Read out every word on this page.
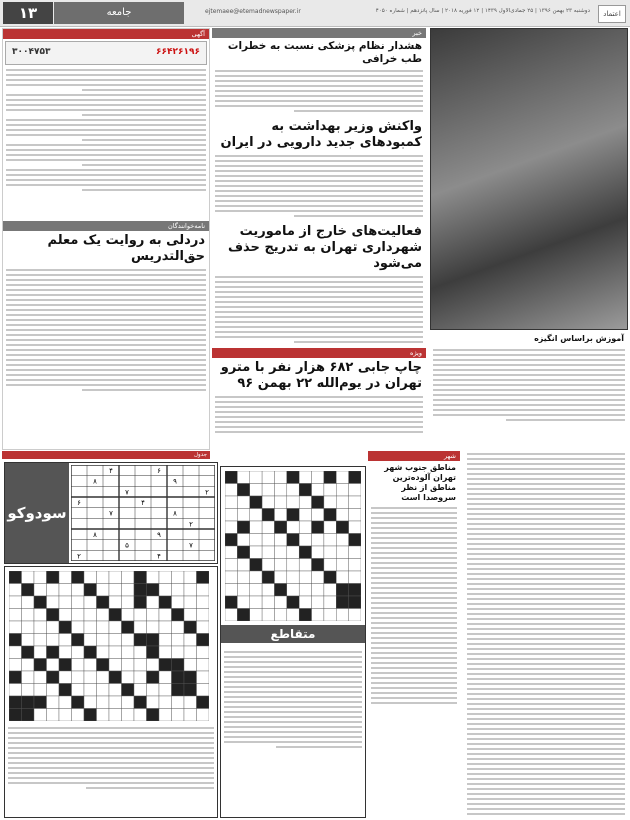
١٣	جامعه	ejtemaee@etemadnewspaper.ir	دوشنبه ۲۳ بهمن ۱۳۹۶ | ۲۵ جمادی‌الاول ۱۴۳۹ | ۱۲ فوریه ۲۰۱۸ | سال پانزدهم | شماره ۴۰۵۰	اعتماد
آگهی
۶۶۴۲۶۱۹۶
۳۰۰۴۷۵۳
نامه‌خوانندگان
دردلی به روایت یک معلم حق‌التدریس
خبر
هشدار نظام پزشکی نسبت به خطرات طب خرافی
واکنش وزیر بهداشت به کمبودهای جدید دارویی در ایران
فعالیت‌های خارج از ماموریت شهرداری تهران به تدریج حذف می‌شود
ویژه
چاپ جابی ۶۸۲ هزار نفر با مترو تهران در یوم‌الله ۲۲ بهمن ۹۶
آموزش براساس انگیزه
جدول
سودوکو
۴	۶
۸	۹
۷	۲
۶	۴
۷	۸
۲
۸	۹
۵	۷
۲	۴
متقاطع
شهر
مناطق جنوب شهر تهران آلوده‌ترین مناطق از نظر سروصدا است
